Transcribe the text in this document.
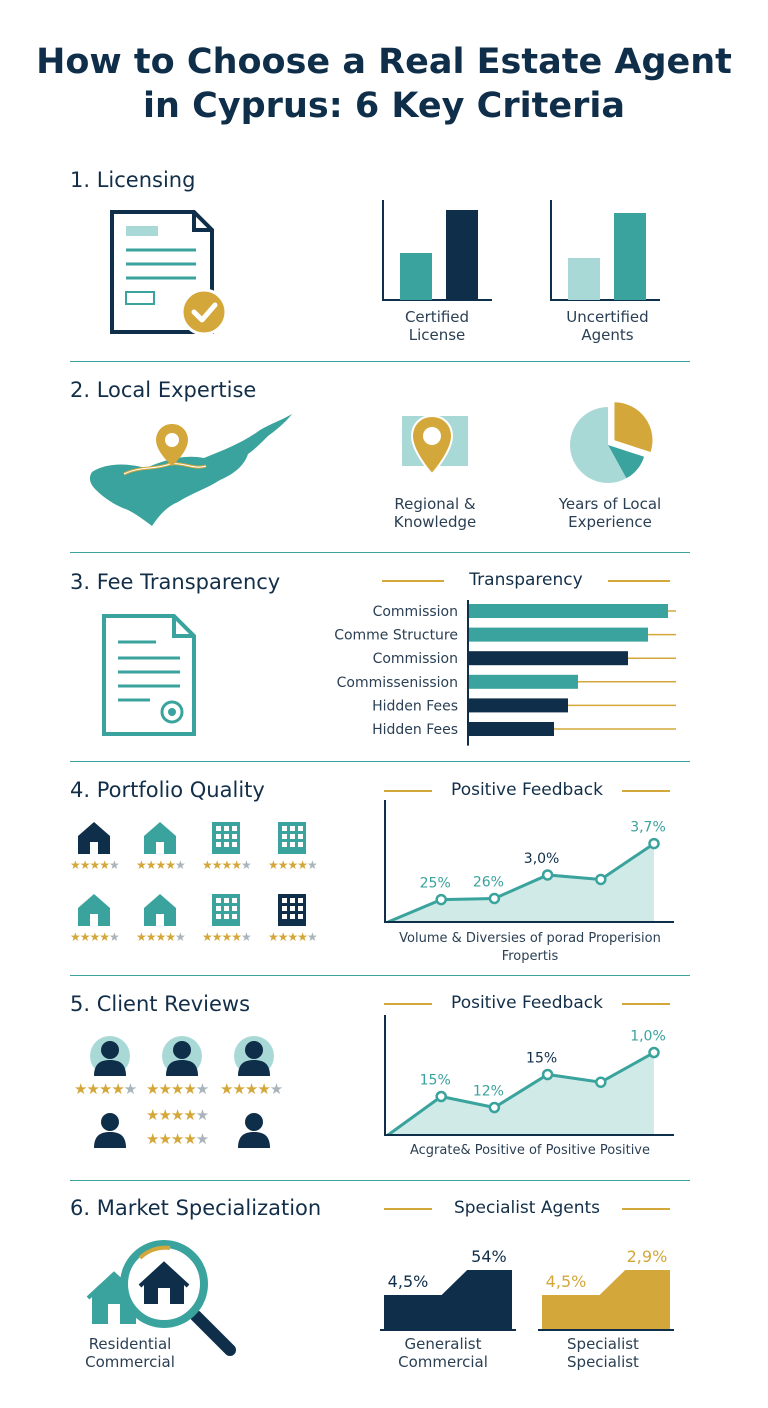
How to Choose a Real Estate Agent
in Cyprus: 6 Key Criteria
1. Licensing
Certified
License
Uncertified
Agents
2. Local Expertise
Regional &
Knowledge
Years of Local
Experience
3. Fee Transparency	Transparency
Commission
Comme Structure
Commission
Commissenission
Hidden Fees
Hidden Fees
4. Portfolio Quality
★★★★★ ★★★★★ ★★★★★ ★★★★★
★★★★★ ★★★★★ ★★★★★ ★★★★★
Positive Feedback
25% 26%
3,0%
3,7%
Volume & Diversies of porad Properision
Fropertis
5. Client Reviews
★★★★★ ★★★★★ ★★★★★
★★★★★
★★★★★
Positive Feedback
15%
12%
15%
1,0%
Acgrate& Positive of Positive Positive
6. Market Specialization
Residential
Commercial
Specialist Agents
4,5%
54%
4,5%
2,9%
Generalist
Commercial
Specialist
Specialist
